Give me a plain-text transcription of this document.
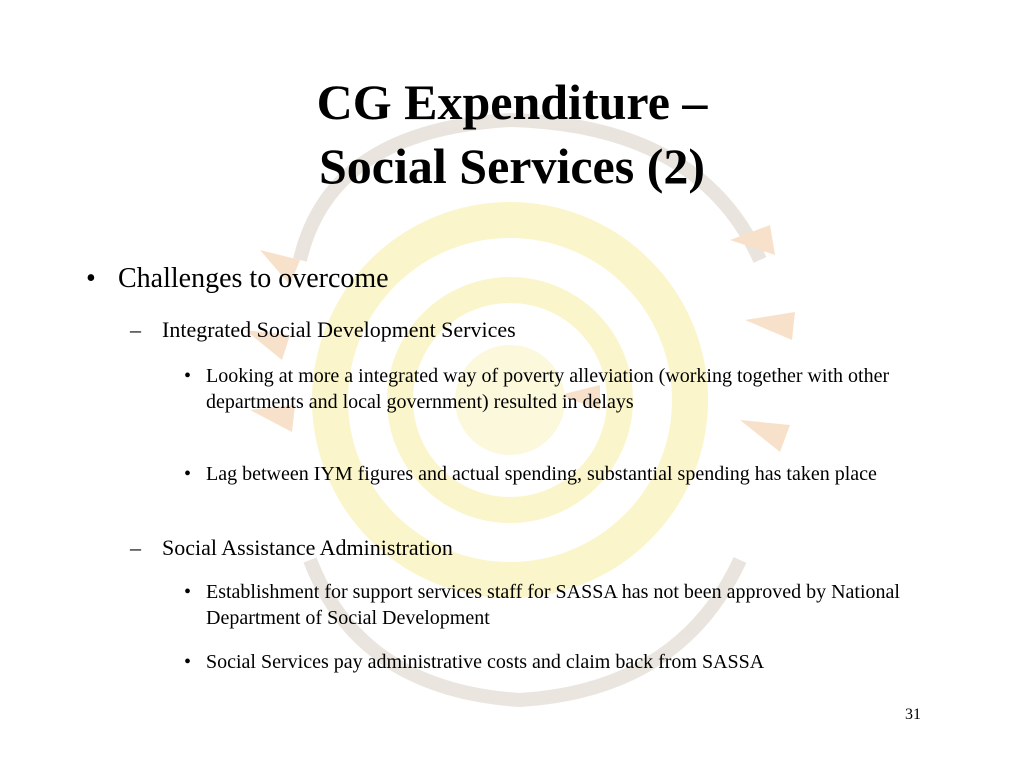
CG Expenditure –
Social Services (2)
• Challenges to overcome
– Integrated Social Development Services
• Looking at more a integrated way of poverty alleviation (working together with other departments and local government) resulted in delays
• Lag between IYM figures and actual spending, substantial spending has taken place
– Social Assistance Administration
• Establishment for support services staff for SASSA has not been approved by National Department of Social Development
• Social Services pay administrative costs and claim back from SASSA
31
